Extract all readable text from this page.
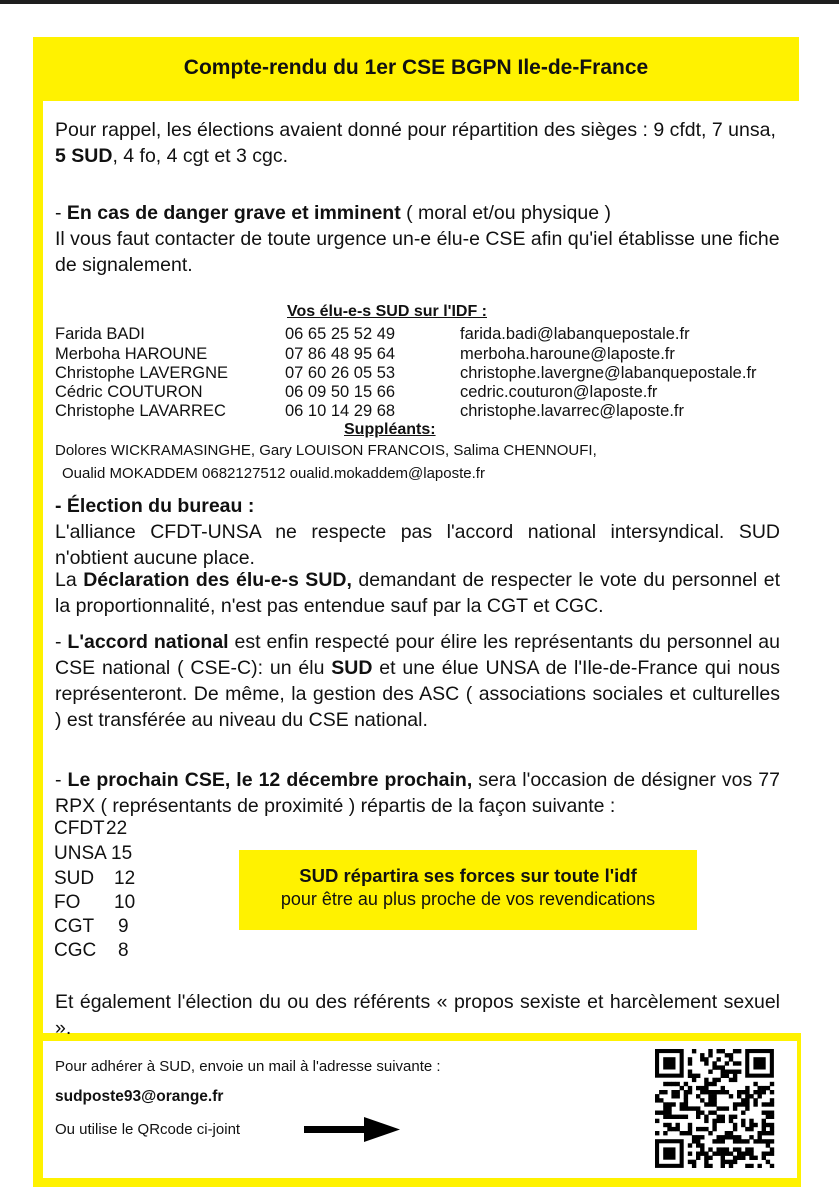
Compte-rendu du 1er CSE BGPN Ile-de-France
Pour rappel, les élections avaient donné pour répartition des sièges : 9 cfdt, 7 unsa, 5 SUD, 4 fo, 4 cgt et 3 cgc.
- En cas de danger grave et imminent ( moral et/ou physique )
Il vous faut contacter de toute urgence un-e élu-e CSE afin qu'iel établisse une fiche de signalement.
Vos élu-e-s SUD sur l'IDF :
Farida BADI	06 65 25 52 49	farida.badi@labanquepostale.fr
Merboha HAROUNE	07 86 48 95 64	merboha.haroune@laposte.fr
Christophe LAVERGNE	07 60 26 05 53	christophe.lavergne@labanquepostale.fr
Cédric COUTURON	06 09 50 15 66	cedric.couturon@laposte.fr
Christophe LAVARREC	06 10 14 29 68	christophe.lavarrec@laposte.fr
Suppléants:
Dolores WICKRAMASINGHE, Gary LOUISON FRANCOIS, Salima CHENNOUFI,
Oualid MOKADDEM 0682127512 oualid.mokaddem@laposte.fr
- Élection du bureau :
L'alliance CFDT-UNSA ne respecte pas l'accord national intersyndical. SUD n'obtient aucune place.
La Déclaration des élu-e-s SUD, demandant de respecter le vote du personnel et la proportionnalité, n'est pas entendue sauf par la CGT et CGC.
- L'accord national est enfin respecté pour élire les représentants du personnel au CSE national ( CSE-C): un élu SUD et une élue UNSA de l'Ile-de-France qui nous représenteront. De même, la gestion des ASC ( associations sociales et culturelles ) est transférée au niveau du CSE national.
- Le prochain CSE, le 12 décembre prochain, sera l'occasion de désigner vos 77 RPX ( représentants de proximité ) répartis de la façon suivante :
CFDT 22
UNSA 15
SUD 12
FO 10
CGT 9
CGC 8
SUD répartira ses forces sur toute l'idf
pour être au plus proche de vos revendications
Et également l'élection du ou des référents « propos sexiste et harcèlement sexuel ».
Pour adhérer à SUD, envoie un mail à l'adresse suivante :
sudposte93@orange.fr
Ou utilise le QRcode ci-joint
